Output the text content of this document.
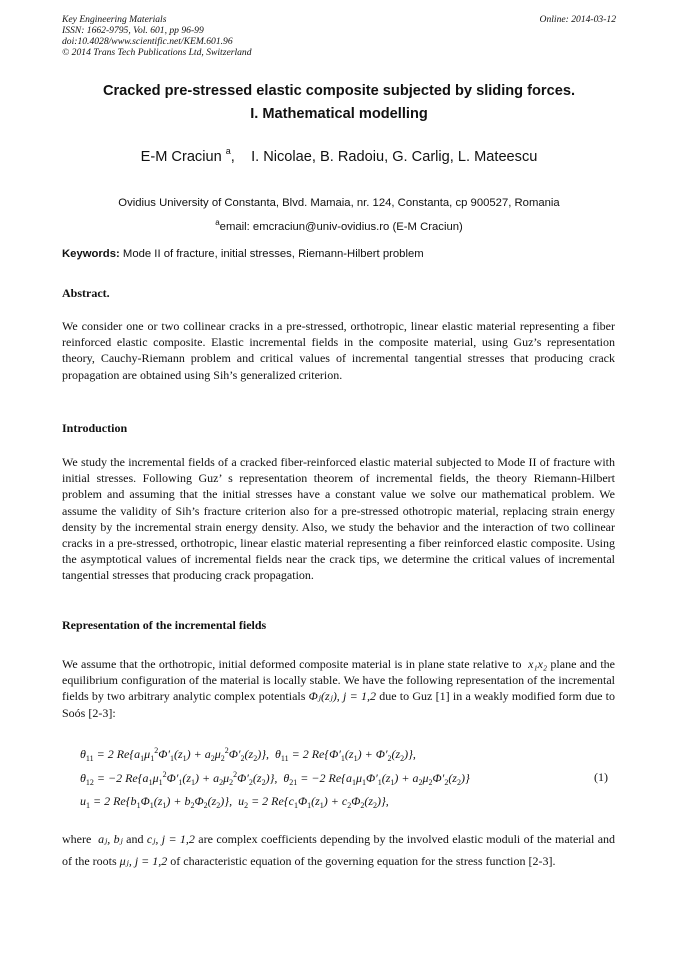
Key Engineering Materials
ISSN: 1662-9795, Vol. 601, pp 96-99
doi:10.4028/www.scientific.net/KEM.601.96
© 2014 Trans Tech Publications Ltd, Switzerland
Online: 2014-03-12
Cracked pre-stressed elastic composite subjected by sliding forces.
I. Mathematical modelling
E-M Craciun $^a$,    I. Nicolae, B. Radoiu, G. Carlig, L. Mateescu
Ovidius University of Constanta, Blvd. Mamaia, nr. 124, Constanta, cp 900527, Romania
$^a$email: emcraciun@univ-ovidius.ro (E-M Craciun)
Keywords: Mode II of fracture, initial stresses, Riemann-Hilbert problem
Abstract.
We consider one or two collinear cracks in a pre-stressed, orthotropic, linear elastic material representing a fiber reinforced elastic composite. Elastic incremental fields in the composite material, using Guz’s representation theory, Cauchy-Riemann problem and critical values of incremental tangential stresses that producing crack propagation are obtained using Sih’s generalized criterion.
Introduction
We study the incremental fields of a cracked fiber-reinforced elastic material subjected to Mode II of fracture with initial stresses. Following Guz’ s representation theorem of incremental fields, the theory Riemann-Hilbert problem and assuming that the initial stresses have a constant value we solve our mathematical problem. We assume the validity of Sih’s fracture criterion also for a pre-stressed othotropic material, replacing strain energy density by the incremental strain energy density. Also, we study the behavior and the interaction of two collinear cracks in a pre-stressed, orthotropic, linear elastic material representing a fiber reinforced elastic composite. Using the asymptotical values of incremental fields near the crack tips, we determine the critical values of incremental tangential stresses that producing crack propagation.
Representation of the incremental fields
We assume that the orthotropic, initial deformed composite material is in plane state relative to x₁x₂ plane and the equilibrium configuration of the material is locally stable. We have the following representation of the incremental fields by two arbitrary analytic complex potentials Φⱼ(zⱼ), j = 1,2 due to Guz [1] in a weakly modified form due to Soós [2-3]:
$\theta_{11} = 2$ $Re\{a_1\mu_1^2\Phi'_1(z_1) + a_2\mu_2^2\Phi'_2(z_2)\}$,  $\theta_{11} = 2$ $Re\{\Phi'_1(z_1) + \Phi'_2(z_2)\}$,
$\theta_{12} = -2$ $Re\{a_1\mu_1^2\Phi'_1(z_1) + a_2\mu_2^2\Phi'_2(z_2)\}$,  $\theta_{21} = -2$ $Re\{a_1\mu_1\Phi'_1(z_1) + a_2\mu_2\Phi'_2(z_2)\}$
$u_1 = 2$ $Re\{b_1\Phi_1(z_1) + b_2\Phi_2(z_2)\}$,  $u_2 = 2$ $Re\{c_1\Phi_1(z_1) + c_2\Phi_2(z_2)\}$,
(1)
where aⱼ, bⱼ and cⱼ, j = 1,2 are complex coefficients depending by the involved elastic moduli of the material and of the roots μⱼ, j = 1,2 of characteristic equation of the governing equation for the stress function [2-3].
